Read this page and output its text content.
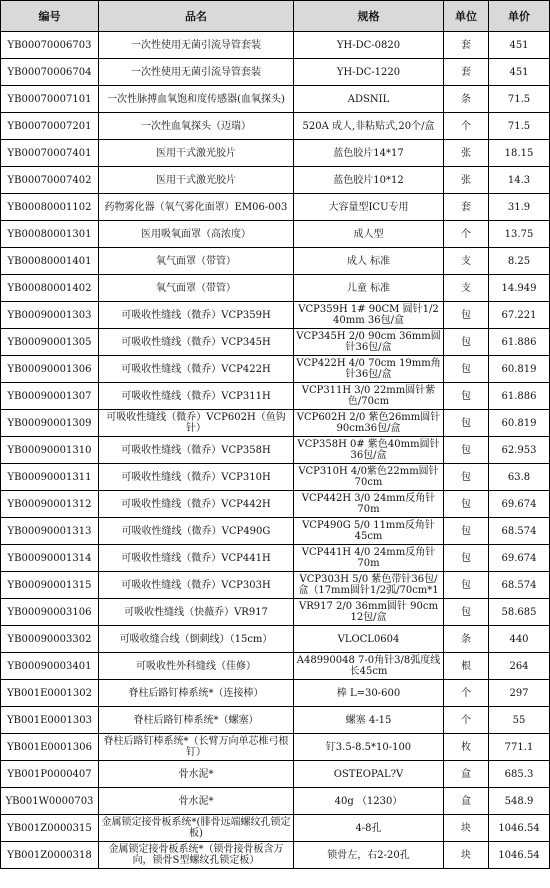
编号	品名	规格	单位	单价
YB00070006703	一次性使用无菌引流导管套装	YH-DC-0820	套	451
YB00070006704	一次性使用无菌引流导管套装	YH-DC-1220	套	451
YB00070007101	一次性脉搏血氧饱和度传感器(血氧探头)	ADSNIL	条	71.5
YB00070007201	一次性血氧探头（迈瑞）	520A 成人,非粘贴式,20个/盒	个	71.5
YB00070007401	医用干式激光胶片	蓝色胶片14*17	张	18.15
YB00070007402	医用干式激光胶片	蓝色胶片10*12	张	14.3
YB00080001102	药物雾化器（氧气雾化面罩）EM06-003	大容量型ICU专用	套	31.9
YB00080001301	医用吸氧面罩（高浓度）	成人型	个	13.75
YB00080001401	氧气面罩（带管）	成人 标准	支	8.25
YB00080001402	氧气面罩（带管）	儿童 标准	支	14.949
YB00090001303	可吸收性缝线（微乔）VCP359H	VCP359H 1# 90CM 圆针1/2 40mm 36包/盒	包	67.221
YB00090001305	可吸收性缝线（微乔）VCP345H	VCP345H 2/0 90cm 36mm圆针36包/盒	包	61.886
YB00090001306	可吸收性缝线（微乔）VCP422H	VCP422H 4/0 70cm 19mm角针36包/盒	包	60.819
YB00090001307	可吸收性缝线（微乔）VCP311H	VCP311H 3/0 22mm圆针紫色/70cm	包	61.886
YB00090001309	可吸收性缝线（微乔）VCP602H（鱼钩针）	VCP602H 2/0 紫色26mm圆针90cm36包/盒	包	60.819
YB00090001310	可吸收性缝线（微乔）VCP358H	VCP358H 0# 紫色40mm圆针36包/盒	包	62.953
YB00090001311	可吸收性缝线（微乔）VCP310H	VCP310H 4/0紫色22mm圆针70cm	包	63.8
YB00090001312	可吸收性缝线（微乔）VCP442H	VCP442H 3/0 24mm反角针70m	包	69.674
YB00090001313	可吸收性缝线（微乔）VCP490G	VCP490G 5/0 11mm反角针45cm	包	68.574
YB00090001314	可吸收性缝线（微乔）VCP441H	VCP441H 4/0 24mm反角针70m	包	69.674
YB00090001315	可吸收性缝线（微乔）VCP303H	VCP303H 5/0 紫色带针36包/盒（17mm圆针1/2弧/70cm*1	包	68.574
YB00090003106	可吸收性缝线（快薇乔）VR917	VR917 2/0 36mm圆针 90cm 12包/盒	包	58.685
YB00090003302	可吸收缝合线（倒刺线）（15cm）	VLOCL0604	条	440
YB00090003401	可吸收性外科缝线（佳修）	A48990048 7-0角针3/8弧度线长45cm	根	264
YB001E0001302	脊柱后路钉棒系统*（连接棒）	棒 L=30-600	个	297
YB001E0001303	脊柱后路钉棒系统*（螺塞）	螺塞 4-15	个	55
YB001E0001306	脊柱后路钉棒系统*（长臂万向单芯椎弓根钉）	钉3.5-8.5*10-100	枚	771.1
YB001P0000407	骨水泥*	OSTEOPAL?V	盒	685.3
YB001W0000703	骨水泥*	40g （1230）	盒	548.9
YB001Z0000315	金属锁定接骨板系统*(腓骨远端螺纹孔锁定板)	4-8孔	块	1046.54
YB001Z0000318	金属锁定接骨板系统*（锁骨接骨板含万向，锁骨S型螺纹孔锁定板）	锁骨左，右2-20孔	块	1046.54
